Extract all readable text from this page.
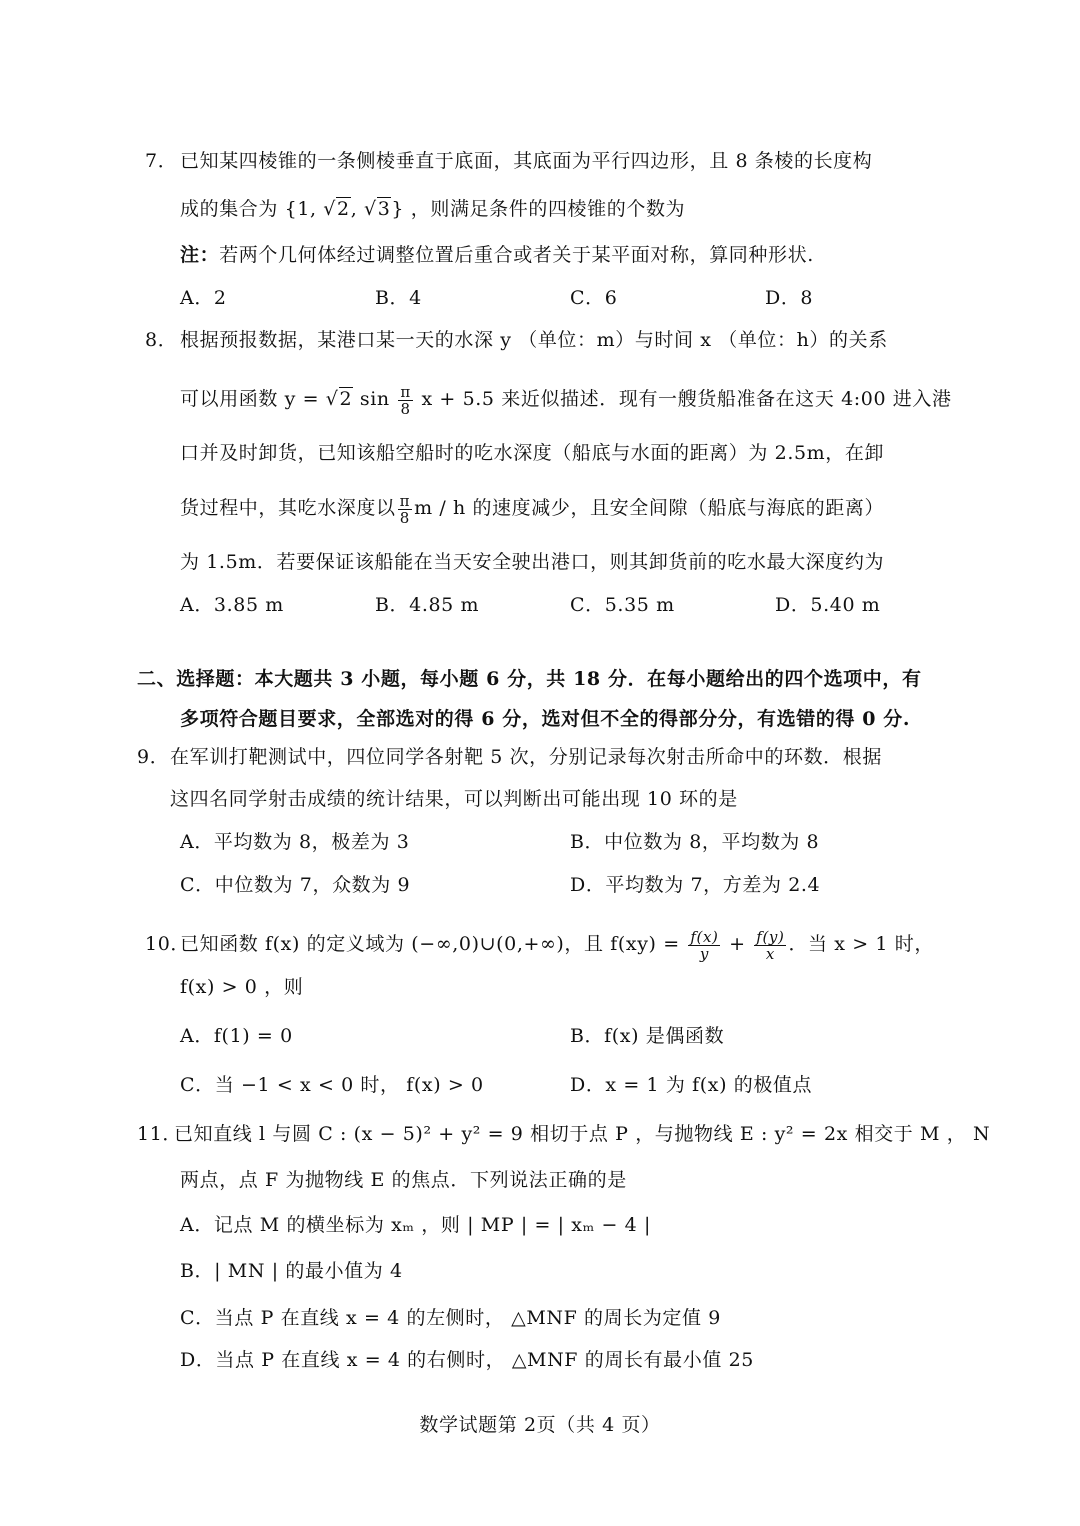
7． 已知某四棱锥的一条侧棱垂直于底面，其底面为平行四边形，且 8 条棱的长度构
成的集合为 {1, √2, √3} ，则满足条件的四棱锥的个数为
注：若两个几何体经过调整位置后重合或者关于某平面对称，算同种形状.
A．2	B．4	C．6	D．8
8． 根据预报数据，某港口某一天的水深 y （单位：m）与时间 x （单位：h）的关系
可以用函数 y = √2 $\sin \frac{\pi}{8}$ x + 5.5 来近似描述．现有一艘货船准备在这天 4:00 进入港
口并及时卸货，已知该船空船时的吃水深度（船底与水面的距离）为 2.5m，在卸
货过程中，其吃水深度以 $\frac{\pi}{8}$ m / h 的速度减少，且安全间隙（船底与海底的距离）
为 1.5m．若要保证该船能在当天安全驶出港口，则其卸货前的吃水最大深度约为
A．3.85 m	B．4.85 m	C．5.35 m	D．5.40 m
二、选择题：本大题共 3 小题，每小题 6 分，共 18 分．在每小题给出的四个选项中，有
多项符合题目要求，全部选对的得 6 分，选对但不全的得部分分，有选错的得 0 分.
9． 在军训打靶测试中，四位同学各射靶 5 次，分别记录每次射击所命中的环数．根据
这四名同学射击成绩的统计结果，可以判断出可能出现 10 环的是
A．平均数为 8，极差为 3	B．中位数为 8，平均数为 8
C．中位数为 7，众数为 9	D．平均数为 7，方差为 2.4
10．
已知函数 f(x) 的定义域为 (−∞,0)∪(0,+∞)，且 $f(xy) = \frac{f(x)}{y} + \frac{f(y)}{x}$ ．当 x > 1 时，
f(x) > 0 ，则
A．f(1) = 0	B．f(x) 是偶函数
C．当 −1 < x < 0 时， f(x) > 0	D．x = 1 为 f(x) 的极值点
11．
已知直线 l 与圆 C : (x − 5)² + y² = 9 相切于点 P ，与抛物线 E : y² = 2x 相交于 M ， N
两点，点 F 为抛物线 E 的焦点．下列说法正确的是
A．记点 M 的横坐标为 xₘ ，则 | MP | = | xₘ − 4 |
B．| MN | 的最小值为 4
C．当点 P 在直线 x = 4 的左侧时， △MNF 的周长为定值 9
D．当点 P 在直线 x = 4 的右侧时， △MNF 的周长有最小值 25
数学试题第 2页（共 4 页）
